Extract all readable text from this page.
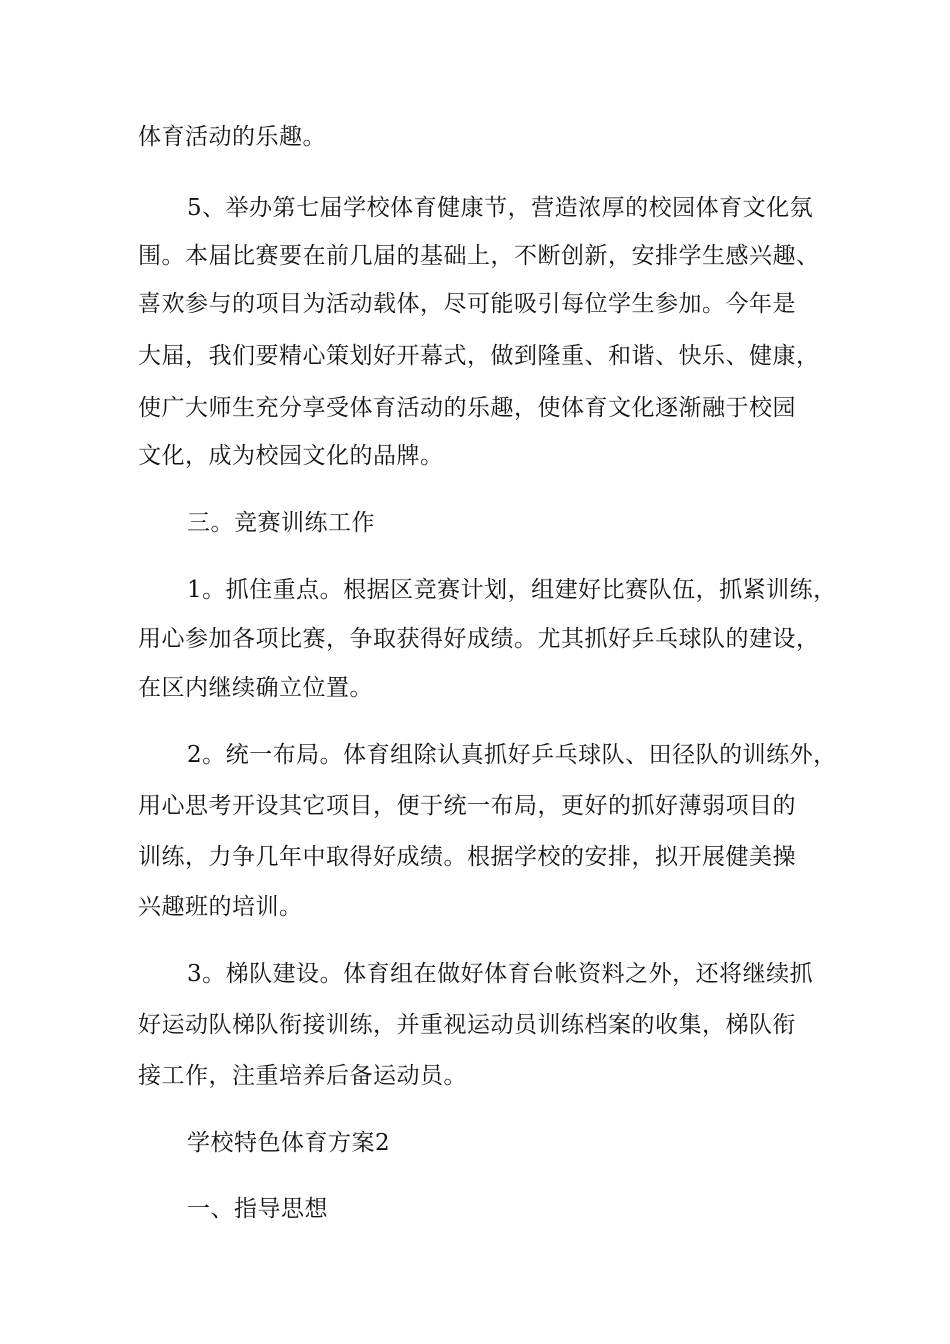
体育活动的乐趣。
5、举办第七届学校体育健康节，营造浓厚的校园体育文化氛
围。本届比赛要在前几届的基础上，不断创新，安排学生感兴趣、
喜欢参与的项目为活动载体，尽可能吸引每位学生参加。今年是
大届，我们要精心策划好开幕式，做到隆重、和谐、快乐、健康，
使广大师生充分享受体育活动的乐趣，使体育文化逐渐融于校园
文化，成为校园文化的品牌。
三。竞赛训练工作
1。抓住重点。根据区竞赛计划，组建好比赛队伍，抓紧训练，
用心参加各项比赛，争取获得好成绩。尤其抓好乒乓球队的建设，
在区内继续确立位置。
2。统一布局。体育组除认真抓好乒乓球队、田径队的训练外，
用心思考开设其它项目，便于统一布局，更好的抓好薄弱项目的
训练，力争几年中取得好成绩。根据学校的安排，拟开展健美操
兴趣班的培训。
3。梯队建设。体育组在做好体育台帐资料之外，还将继续抓
好运动队梯队衔接训练，并重视运动员训练档案的收集，梯队衔
接工作，注重培养后备运动员。
学校特色体育方案2
一、指导思想
